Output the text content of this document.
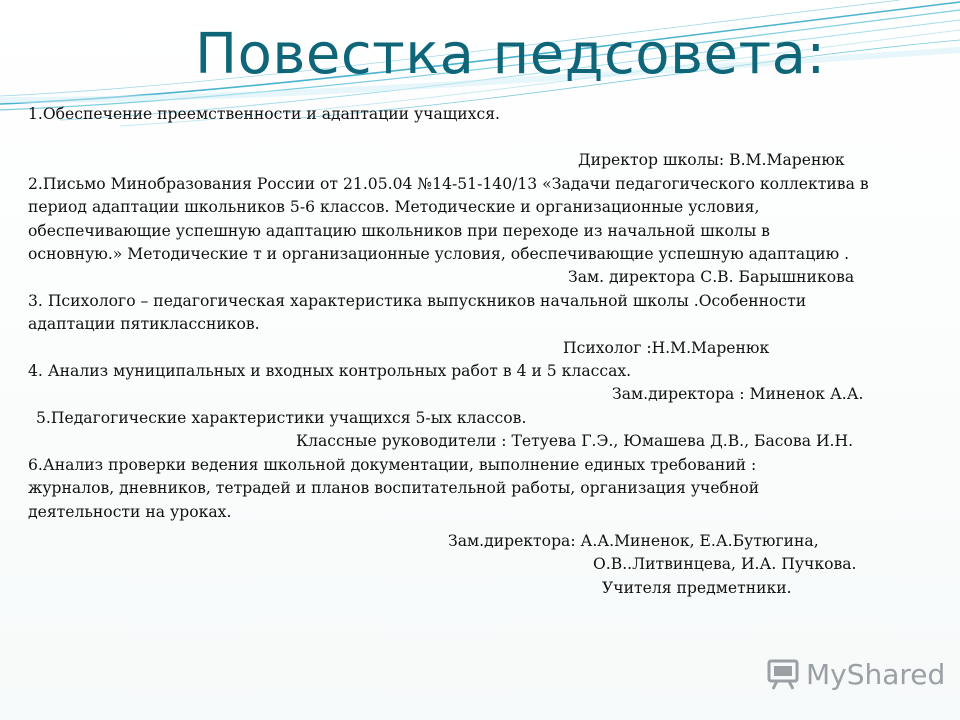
Повестка педсовета:

1.Обеспечение преемственности и адаптации учащихся.

Директор школы: В.М.Маренюк

2.Письмо Минобразования России от 21.05.04 №14-51-140/13 «Задачи педагогического коллектива в

период адаптации школьников 5-6 классов. Методические и организационные условия,

обеспечивающие успешную адаптацию школьников при переходе из начальной школы в

основную.» Методические т и организационные условия, обеспечивающие успешную адаптацию .

Зам. директора С.В. Барышникова

3. Психолого – педагогическая характеристика выпускников начальной школы .Особенности

адаптации пятиклассников.

Психолог :Н.М.Маренюк

4. Анализ муниципальных и входных контрольных работ в 4 и 5 классах.

Зам.директора : Миненок А.А.

5.Педагогические характеристики учащихся 5-ых классов.

Классные руководители : Тетуева Г.Э., Юмашева Д.В., Басова И.Н.

6.Анализ проверки ведения школьной документации, выполнение единых требований :

журналов, дневников, тетрадей и планов воспитательной работы, организация учебной

деятельности на уроках.

Зам.директора: А.А.Миненок, Е.А.Бутюгина,

О.В..Литвинцева, И.А. Пучкова.

Учителя предметники.

MyShared
